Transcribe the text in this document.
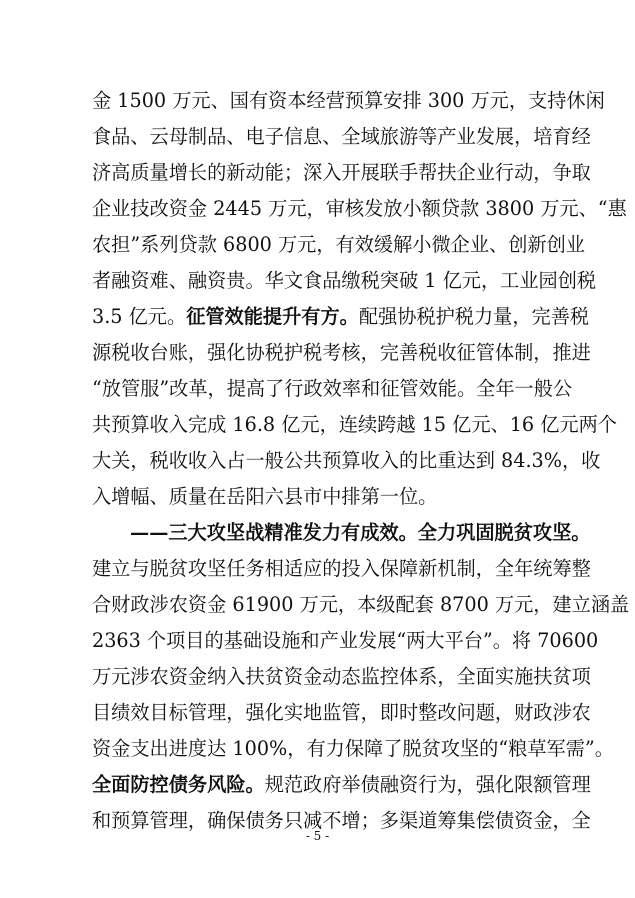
金 1500 万元、国有资本经营预算安排 300 万元，支持休闲
食品、云母制品、电子信息、全域旅游等产业发展，培育经
济高质量增长的新动能；深入开展联手帮扶企业行动，争取
企业技改资金 2445 万元，审核发放小额贷款 3800 万元、“惠
农担”系列贷款 6800 万元，有效缓解小微企业、创新创业
者融资难、融资贵。华文食品缴税突破 1 亿元，工业园创税
3.5 亿元。征管效能提升有方。配强协税护税力量，完善税
源税收台账，强化协税护税考核，完善税收征管体制，推进
“放管服”改革，提高了行政效率和征管效能。全年一般公
共预算收入完成 16.8 亿元，连续跨越 15 亿元、16 亿元两个
大关，税收收入占一般公共预算收入的比重达到 84.3%，收
入增幅、质量在岳阳六县市中排第一位。
——三大攻坚战精准发力有成效。全力巩固脱贫攻坚。
建立与脱贫攻坚任务相适应的投入保障新机制，全年统筹整
合财政涉农资金 61900 万元，本级配套 8700 万元，建立涵盖
2363 个项目的基础设施和产业发展“两大平台”。将 70600
万元涉农资金纳入扶贫资金动态监控体系，全面实施扶贫项
目绩效目标管理，强化实地监管，即时整改问题，财政涉农
资金支出进度达 100%，有力保障了脱贫攻坚的“粮草军需”。
全面防控债务风险。规范政府举债融资行为，强化限额管理
和预算管理，确保债务只减不增；多渠道筹集偿债资金，全
- 5 -
